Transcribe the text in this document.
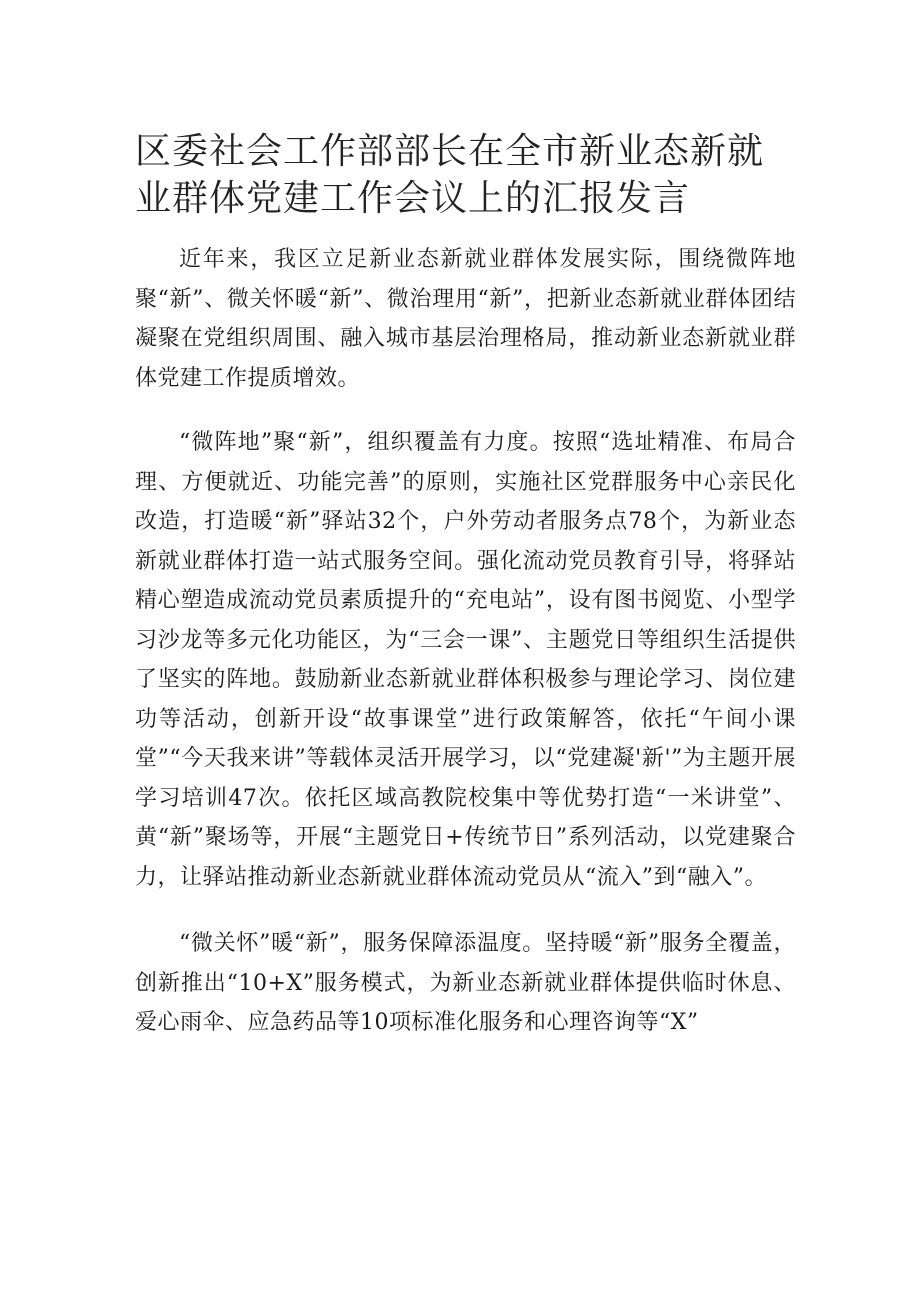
区委社会工作部部长在全市新业态新就业群体党建工作会议上的汇报发言

近年来，我区立足新业态新就业群体发展实际，围绕微阵地聚“新”、微关怀暖“新”、微治理用“新”，把新业态新就业群体团结凝聚在党组织周围、融入城市基层治理格局，推动新业态新就业群体党建工作提质增效。

“微阵地”聚“新”，组织覆盖有力度。按照“选址精准、布局合理、方便就近、功能完善”的原则，实施社区党群服务中心亲民化改造，打造暖“新”驿站32个，户外劳动者服务点78个，为新业态新就业群体打造一站式服务空间。强化流动党员教育引导，将驿站精心塑造成流动党员素质提升的“充电站”，设有图书阅览、小型学习沙龙等多元化功能区，为“三会一课”、主题党日等组织生活提供了坚实的阵地。鼓励新业态新就业群体积极参与理论学习、岗位建功等活动，创新开设“故事课堂”进行政策解答，依托“午间小课堂”“今天我来讲”等载体灵活开展学习，以“党建凝'新'”为主题开展学习培训47次。依托区域高教院校集中等优势打造“一米讲堂”、黄“新”聚场等，开展“主题党日+传统节日”系列活动，以党建聚合力，让驿站推动新业态新就业群体流动党员从“流入”到“融入”。

“微关怀”暖“新”，服务保障添温度。坚持暖“新”服务全覆盖，创新推出“10+X”服务模式，为新业态新就业群体提供临时休息、爱心雨伞、应急药品等10项标准化服务和心理咨询等“X”
